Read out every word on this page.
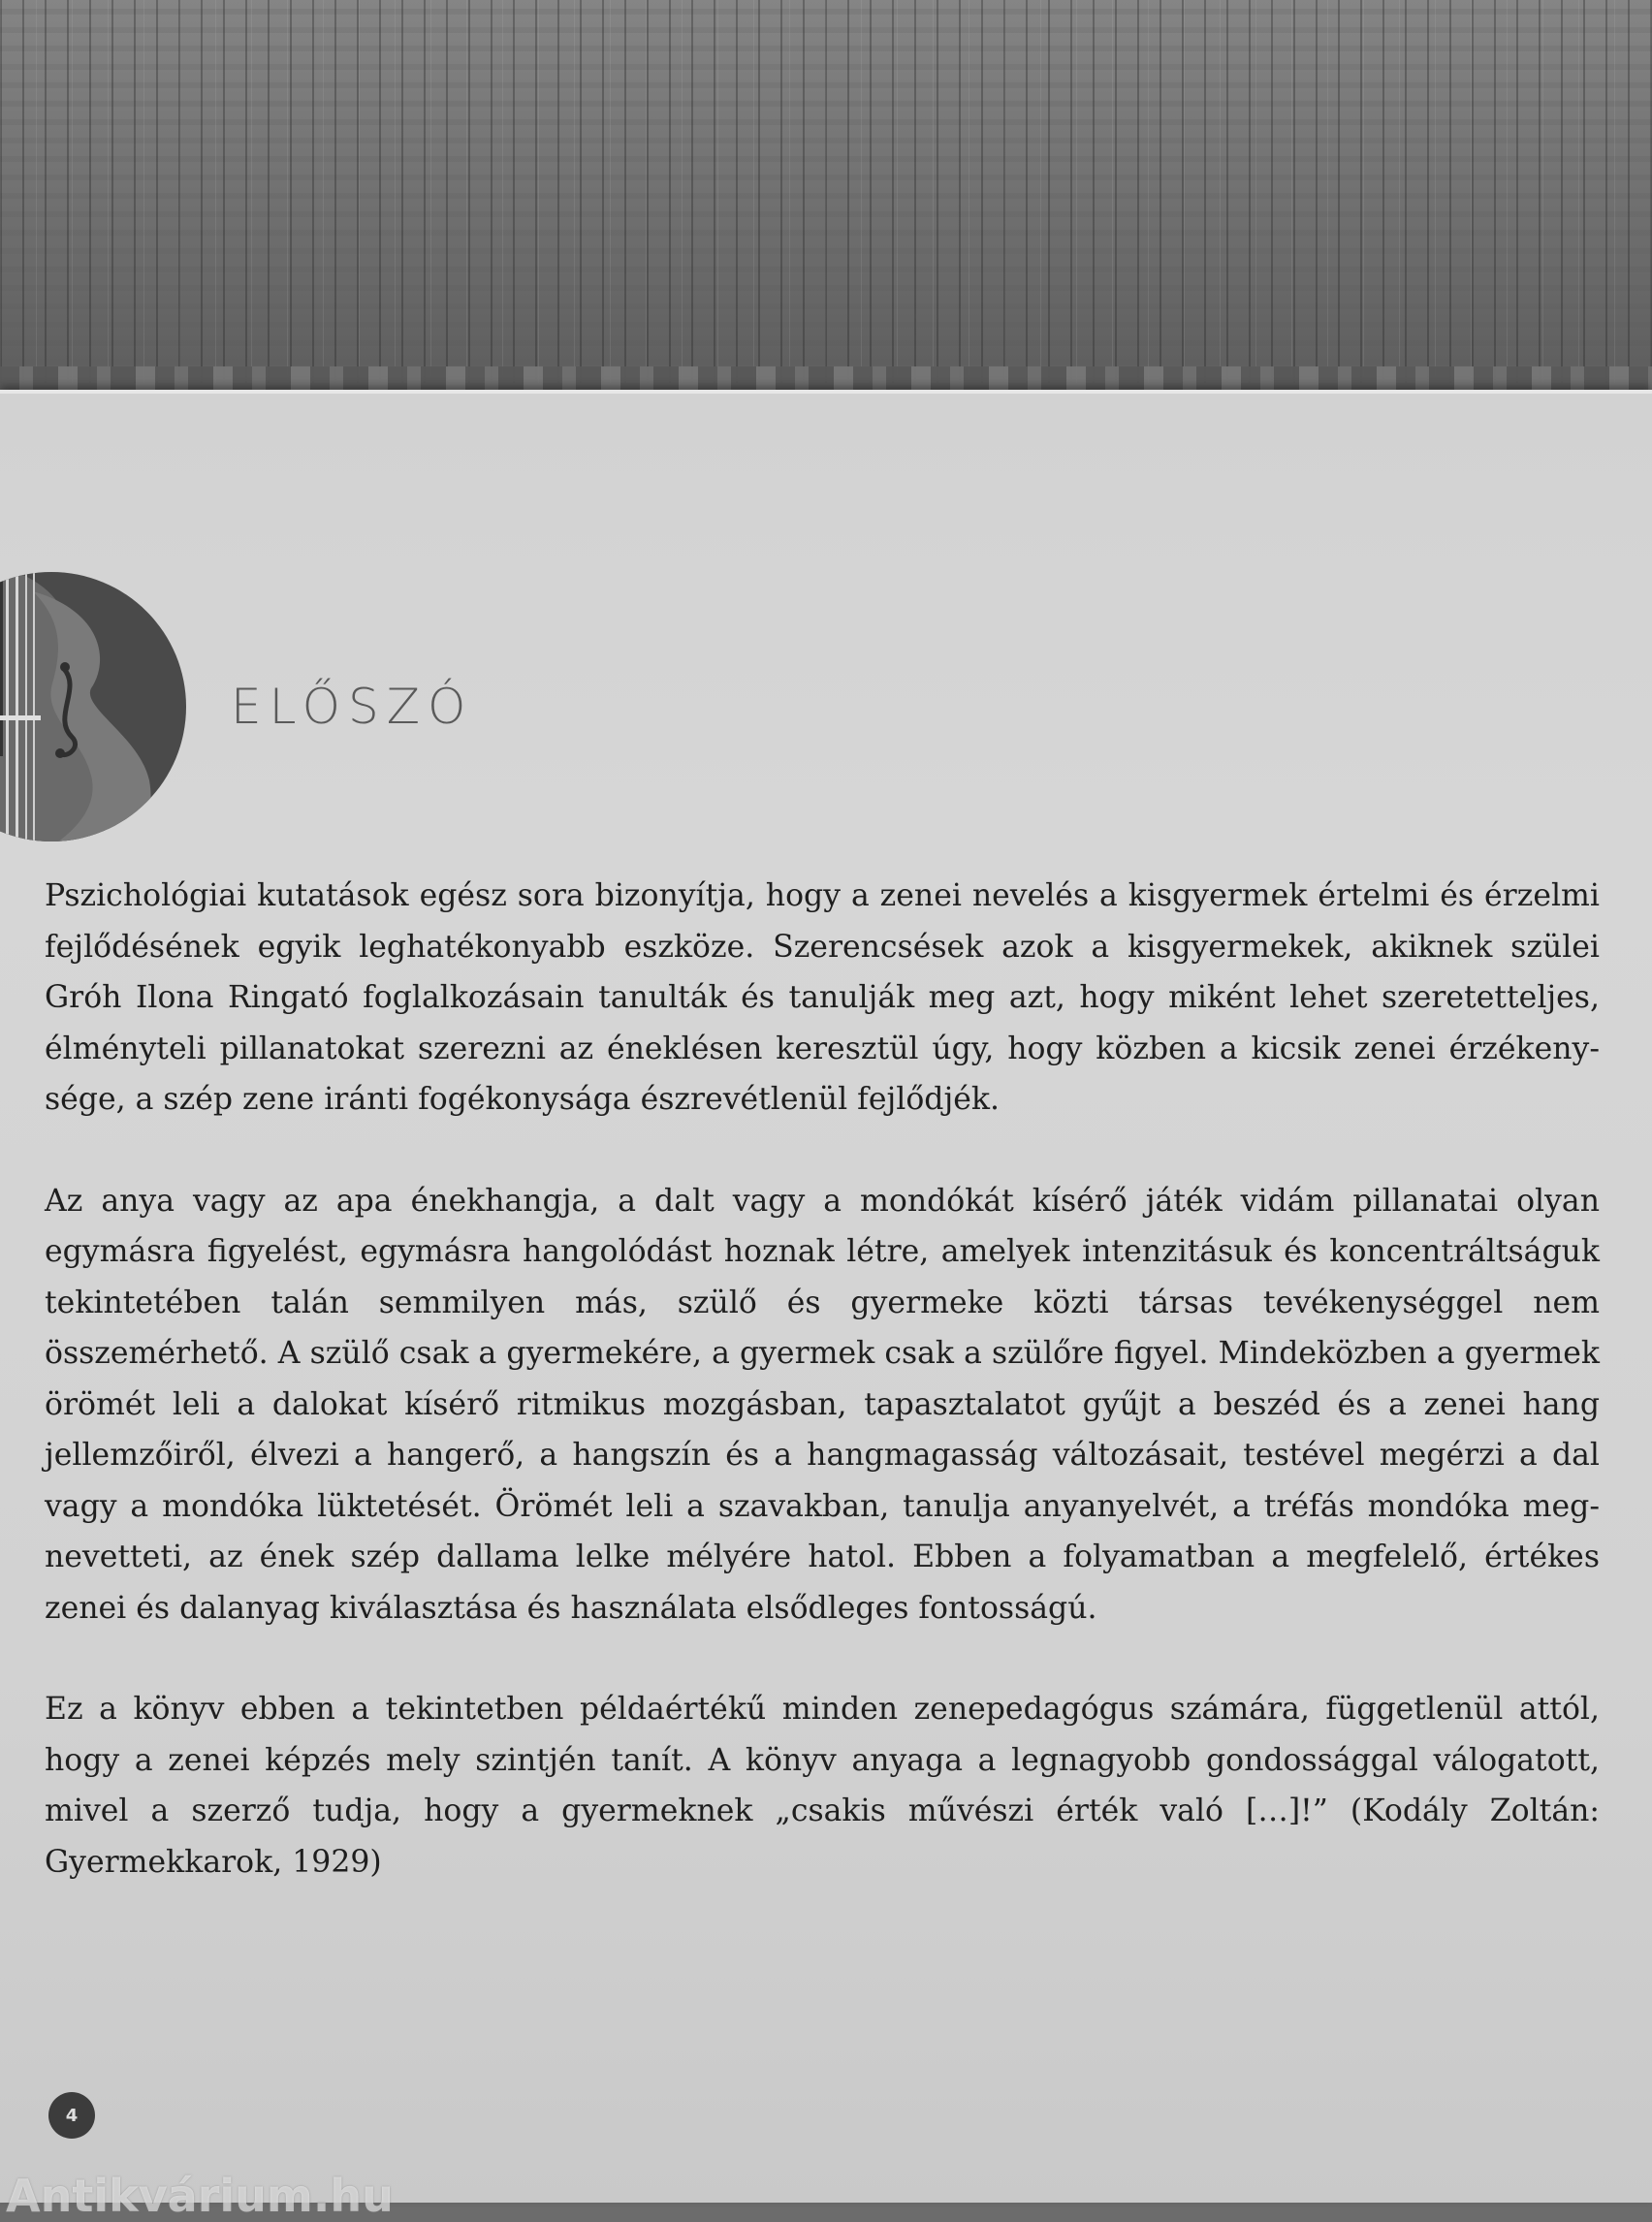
ELŐSZÓ

Pszichológiai kutatások egész sora bizonyítja, hogy a zenei nevelés a kisgyermek értelmi és érzelmi fejlődésének egyik leghatékonyabb eszköze. Szerencsések azok a kisgyermekek, akiknek szülei Gróh Ilona Ringató foglalkozásain tanulták és tanulják meg azt, hogy miként lehet szeretetteljes, élményteli pillanatokat szerezni az éneklésen keresztül úgy, hogy közben a kicsik zenei érzékenysége, a szép zene iránti fogékonysága észrevétlenül fejlődjék.

Az anya vagy az apa énekhangja, a dalt vagy a mondókát kísérő játék vidám pillanatai olyan egymásra figyelést, egymásra hangolódást hoznak létre, amelyek intenzitásuk és koncentráltságuk tekintetében talán semmilyen más, szülő és gyermeke közti társas tevékenységgel nem összemérhető. A szülő csak a gyermekére, a gyermek csak a szülőre figyel. Mindeközben a gyermek örömét leli a dalokat kísérő ritmikus mozgásban, tapasztalatot gyűjt a beszéd és a zenei hang jellemzőiről, élvezi a hangerő, a hangszín és a hangmagasság változásait, testével megérzi a dal vagy a mondóka lüktetését. Örömét leli a szavakban, tanulja anyanyelvét, a tréfás mondóka megnevetteti, az ének szép dallama lelke mélyére hatol. Ebben a folyamatban a megfelelő, értékes zenei és dalanyag kiválasztása és használata elsődleges fontosságú.

Ez a könyv ebben a tekintetben példaértékű minden zenepedagógus számára, függetlenül attól, hogy a zenei képzés mely szintjén tanít. A könyv anyaga a legnagyobb gondossággal válogatott, mivel a szerző tudja, hogy a gyermeknek „csakis művészi érték való […]!” (Kodály Zoltán: Gyermekkarok, 1929)

4
Antikvárium.hu
